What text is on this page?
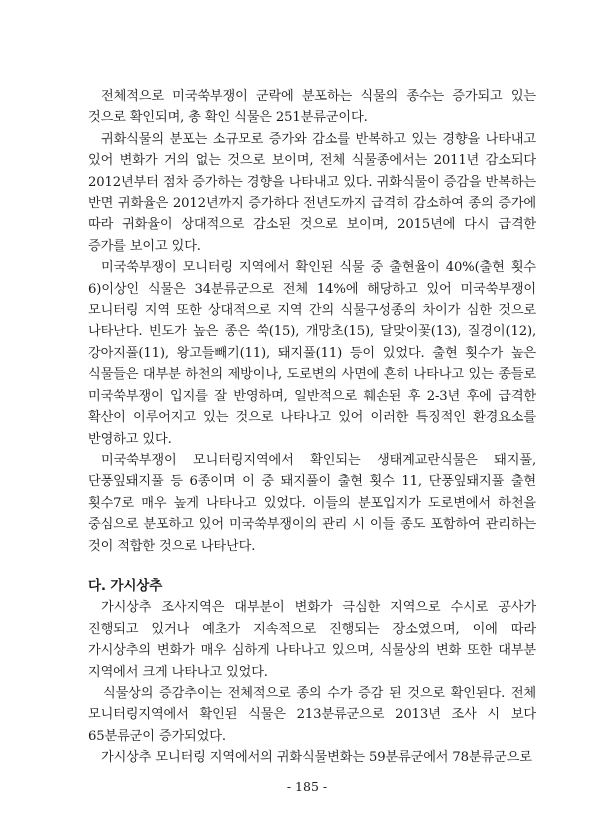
전체적으로 미국쑥부쟁이 군락에 분포하는 식물의 종수는 증가되고 있는 것으로 확인되며, 총 확인 식물은 251분류군이다.

귀화식물의 분포는 소규모로 증가와 감소를 반복하고 있는 경향을 나타내고 있어 변화가 거의 없는 것으로 보이며, 전체 식물종에서는 2011년 감소되다 2012년부터 점차 증가하는 경향을 나타내고 있다. 귀화식물이 증감을 반복하는 반면 귀화율은 2012년까지 증가하다 전년도까지 급격히 감소하여 종의 증가에 따라 귀화율이 상대적으로 감소된 것으로 보이며, 2015년에 다시 급격한 증가를 보이고 있다.

미국쑥부쟁이 모니터링 지역에서 확인된 식물 중 출현율이 40%(출현 횟수 6)이상인 식물은 34분류군으로 전체 14%에 해당하고 있어 미국쑥부쟁이 모니터링 지역 또한 상대적으로 지역 간의 식물구성종의 차이가 심한 것으로 나타난다. 빈도가 높은 종은 쑥(15), 개망초(15), 달맞이꽃(13), 질경이(12), 강아지풀(11), 왕고들빼기(11), 돼지풀(11) 등이 있었다. 출현 횟수가 높은 식물들은 대부분 하천의 제방이나, 도로변의 사면에 흔히 나타나고 있는 종들로 미국쑥부쟁이 입지를 잘 반영하며, 일반적으로 훼손된 후 2-3년 후에 급격한 확산이 이루어지고 있는 것으로 나타나고 있어 이러한 특징적인 환경요소를 반영하고 있다.

미국쑥부쟁이 모니터링지역에서 확인되는 생태계교란식물은 돼지풀, 단풍잎돼지풀 등 6종이며 이 중 돼지풀이 출현 횟수 11, 단풍잎돼지풀 출현 횟수7로 매우 높게 나타나고 있었다. 이들의 분포입지가 도로변에서 하천을 중심으로 분포하고 있어 미국쑥부쟁이의 관리 시 이들 종도 포함하여 관리하는 것이 적합한 것으로 나타난다.

다. 가시상추

가시상추 조사지역은 대부분이 변화가 극심한 지역으로 수시로 공사가 진행되고 있거나 예초가 지속적으로 진행되는 장소였으며, 이에 따라 가시상추의 변화가 매우 심하게 나타나고 있으며, 식물상의 변화 또한 대부분 지역에서 크게 나타나고 있었다.

식물상의 증감추이는 전체적으로 종의 수가 증감 된 것으로 확인된다. 전체 모니터링지역에서 확인된 식물은 213분류군으로 2013년 조사 시 보다 65분류군이 증가되었다.

가시상추 모니터링 지역에서의 귀화식물변화는 59분류군에서 78분류군으로

- 185 -
